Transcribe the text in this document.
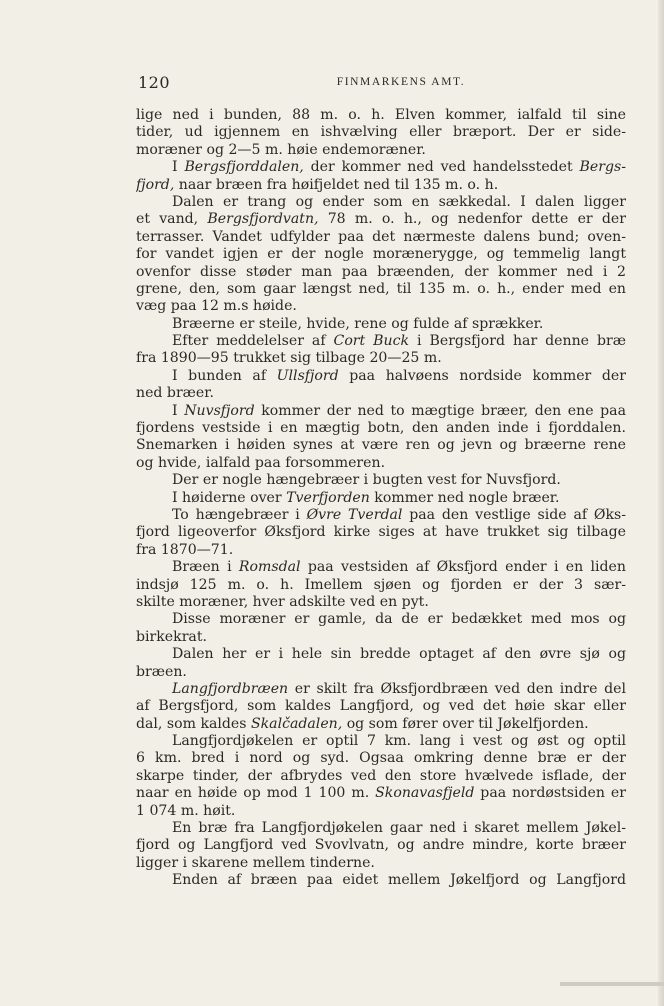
120	FINMARKENS AMT.
lige ned i bunden, 88 m. o. h. Elven kommer, ialfald til sine
tider, ud igjennem en ishvælving eller bræport. Der er side-
moræner og 2—5 m. høie endemoræner.
I Bergsfjorddalen, der kommer ned ved handelsstedet Bergs-
fjord, naar bræen fra høifjeldet ned til 135 m. o. h.
Dalen er trang og ender som en sækkedal. I dalen ligger
et vand, Bergsfjordvatn, 78 m. o. h., og nedenfor dette er der
terrasser. Vandet udfylder paa det nærmeste dalens bund; oven-
for vandet igjen er der nogle morænerygge, og temmelig langt
ovenfor disse støder man paa bræenden, der kommer ned i 2
grene, den, som gaar længst ned, til 135 m. o. h., ender med en
væg paa 12 m.s høide.
Bræerne er steile, hvide, rene og fulde af sprækker.
Efter meddelelser af Cort Buck i Bergsfjord har denne bræ
fra 1890—95 trukket sig tilbage 20—25 m.
I bunden af Ullsfjord paa halvøens nordside kommer der
ned bræer.
I Nuvsfjord kommer der ned to mægtige bræer, den ene paa
fjordens vestside i en mægtig botn, den anden inde i fjorddalen.
Snemarken i høiden synes at være ren og jevn og bræerne rene
og hvide, ialfald paa forsommeren.
Der er nogle hængebræer i bugten vest for Nuvsfjord.
I høiderne over Tverfjorden kommer ned nogle bræer.
To hængebræer i Øvre Tverdal paa den vestlige side af Øks-
fjord ligeoverfor Øksfjord kirke siges at have trukket sig tilbage
fra 1870—71.
Bræen i Romsdal paa vestsiden af Øksfjord ender i en liden
indsjø 125 m. o. h. Imellem sjøen og fjorden er der 3 sær-
skilte moræner, hver adskilte ved en pyt.
Disse moræner er gamle, da de er bedækket med mos og
birkekrat.
Dalen her er i hele sin bredde optaget af den øvre sjø og
bræen.
Langfjordbræen er skilt fra Øksfjordbræen ved den indre del
af Bergsfjord, som kaldes Langfjord, og ved det høie skar eller
dal, som kaldes Skalčadalen, og som fører over til Jøkelfjorden.
Langfjordjøkelen er optil 7 km. lang i vest og øst og optil
6 km. bred i nord og syd. Ogsaa omkring denne bræ er der
skarpe tinder, der afbrydes ved den store hvælvede isflade, der
naar en høide op mod 1 100 m. Skonavasfjeld paa nordøstsiden er
1 074 m. høit.
En bræ fra Langfjordjøkelen gaar ned i skaret mellem Jøkel-
fjord og Langfjord ved Svovlvatn, og andre mindre, korte bræer
ligger i skarene mellem tinderne.
Enden af bræen paa eidet mellem Jøkelfjord og Langfjord
